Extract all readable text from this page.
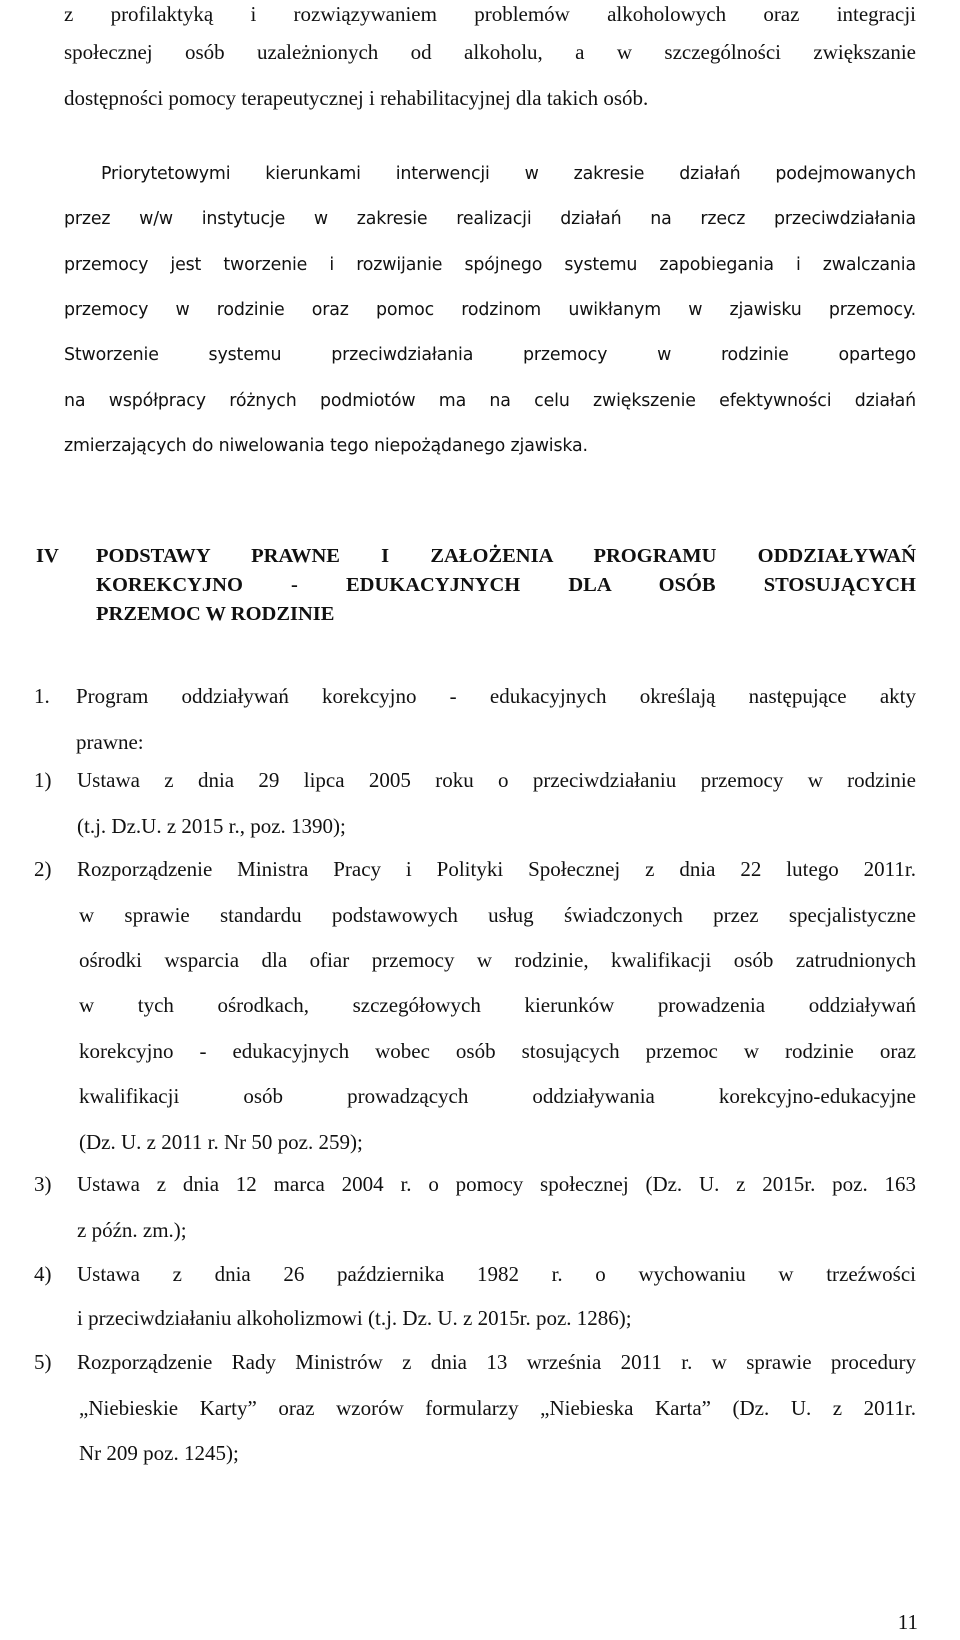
z profilaktyką i rozwiązywaniem problemów alkoholowych oraz integracji
społecznej osób uzależnionych od alkoholu, a w szczególności zwiększanie
dostępności pomocy terapeutycznej i rehabilitacyjnej dla takich osób.
Priorytetowymi kierunkami interwencji w zakresie działań podejmowanych
przez w/w instytucje w zakresie realizacji działań na rzecz przeciwdziałania
przemocy jest tworzenie i rozwijanie spójnego systemu zapobiegania i zwalczania
przemocy w rodzinie oraz pomoc rodzinom uwikłanym w zjawisku przemocy.
Stworzenie systemu przeciwdziałania przemocy w rodzinie opartego
na współpracy różnych podmiotów ma na celu zwiększenie efektywności działań
zmierzających do niwelowania tego niepożądanego zjawiska.
IV PODSTAWY PRAWNE I ZAŁOŻENIA PROGRAMU ODDZIAŁYWAŃ
KOREKCYJNO - EDUKACYJNYCH DLA OSÓB STOSUJĄCYCH
PRZEMOC W RODZINIE
1.	Program oddziaływań korekcyjno - edukacyjnych określają następujące akty
prawne:
1)	Ustawa z dnia 29 lipca 2005 roku o przeciwdziałaniu przemocy w rodzinie
(t.j. Dz.U. z 2015 r., poz. 1390);
2)	Rozporządzenie Ministra Pracy i Polityki Społecznej z dnia 22 lutego 2011r.
w sprawie standardu podstawowych usług świadczonych przez specjalistyczne
ośrodki wsparcia dla ofiar przemocy w rodzinie, kwalifikacji osób zatrudnionych
w tych ośrodkach, szczegółowych kierunków prowadzenia oddziaływań
korekcyjno - edukacyjnych wobec osób stosujących przemoc w rodzinie oraz
kwalifikacji osób prowadzących oddziaływania korekcyjno-edukacyjne
(Dz. U. z 2011 r. Nr 50 poz. 259);
3)	Ustawa z dnia 12 marca 2004 r. o pomocy społecznej (Dz. U. z 2015r. poz. 163
z późn. zm.);
4)	Ustawa z dnia 26 października 1982 r. o wychowaniu w trzeźwości
i przeciwdziałaniu alkoholizmowi (t.j. Dz. U. z 2015r. poz. 1286);
5)	Rozporządzenie Rady Ministrów z dnia 13 września 2011 r. w sprawie procedury
„Niebieskie Karty” oraz wzorów formularzy „Niebieska Karta” (Dz. U. z 2011r.
Nr 209 poz. 1245);
11
